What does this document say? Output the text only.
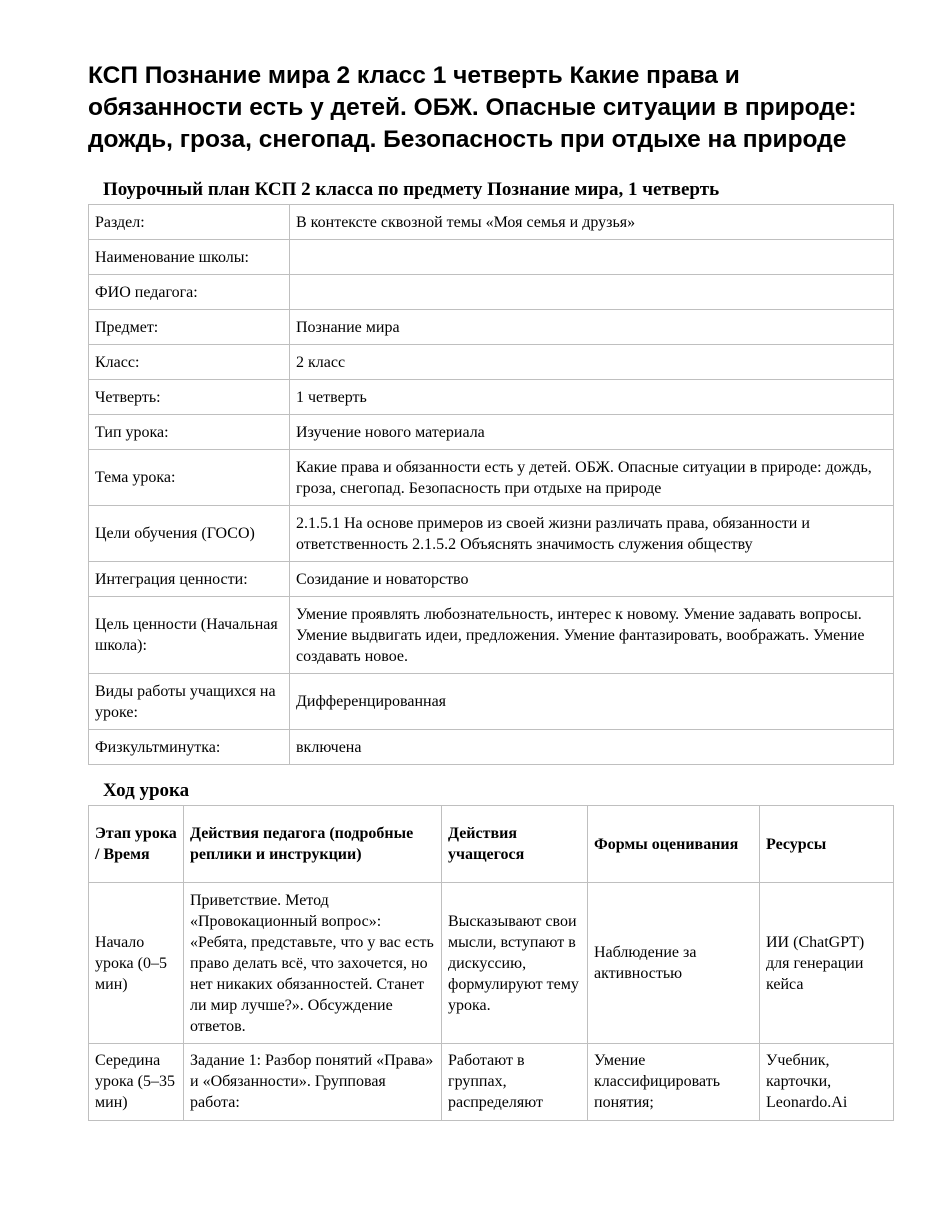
КСП Познание мира 2 класс 1 четверть Какие права и обязанности есть у детей. ОБЖ. Опасные ситуации в природе: дождь, гроза, снегопад. Безопасность при отдыхе на природе
Поурочный план КСП 2 класса по предмету Познание мира, 1 четверть
Раздел:	В контексте сквозной темы «Моя семья и друзья»
Наименование школы:	
ФИО педагога:	
Предмет:	Познание мира
Класс:	2 класс
Четверть:	1 четверть
Тип урока:	Изучение нового материала
Тема урока:	Какие права и обязанности есть у детей. ОБЖ. Опасные ситуации в природе: дождь, гроза, снегопад. Безопасность при отдыхе на природе
Цели обучения (ГОСО)	2.1.5.1 На основе примеров из своей жизни различать права, обязанности и ответственность 2.1.5.2 Объяснять значимость служения обществу
Интеграция ценности:	Созидание и новаторство
Цель ценности (Начальная школа):	Умение проявлять любознательность, интерес к новому. Умение задавать вопросы. Умение выдвигать идеи, предложения. Умение фантазировать, воображать. Умение создавать новое.
Виды работы учащихся на уроке:	Дифференцированная
Физкультминутка:	включена
Ход урока
Этап урока / Время	Действия педагога (подробные реплики и инструкции)	Действия учащегося	Формы оценивания	Ресурсы
Начало урока (0–5 мин)	Приветствие. Метод «Провокационный вопрос»: «Ребята, представьте, что у вас есть право делать всё, что захочется, но нет никаких обязанностей. Станет ли мир лучше?». Обсуждение ответов.	Высказывают свои мысли, вступают в дискуссию, формулируют тему урока.	Наблюдение за активностью	ИИ (ChatGPT) для генерации кейса
Середина урока (5–35 мин)	Задание 1: Разбор понятий «Права» и «Обязанности». Групповая работа:	Работают в группах, распределяют	Умение классифицировать понятия;	Учебник, карточки, Leonardo.Ai
